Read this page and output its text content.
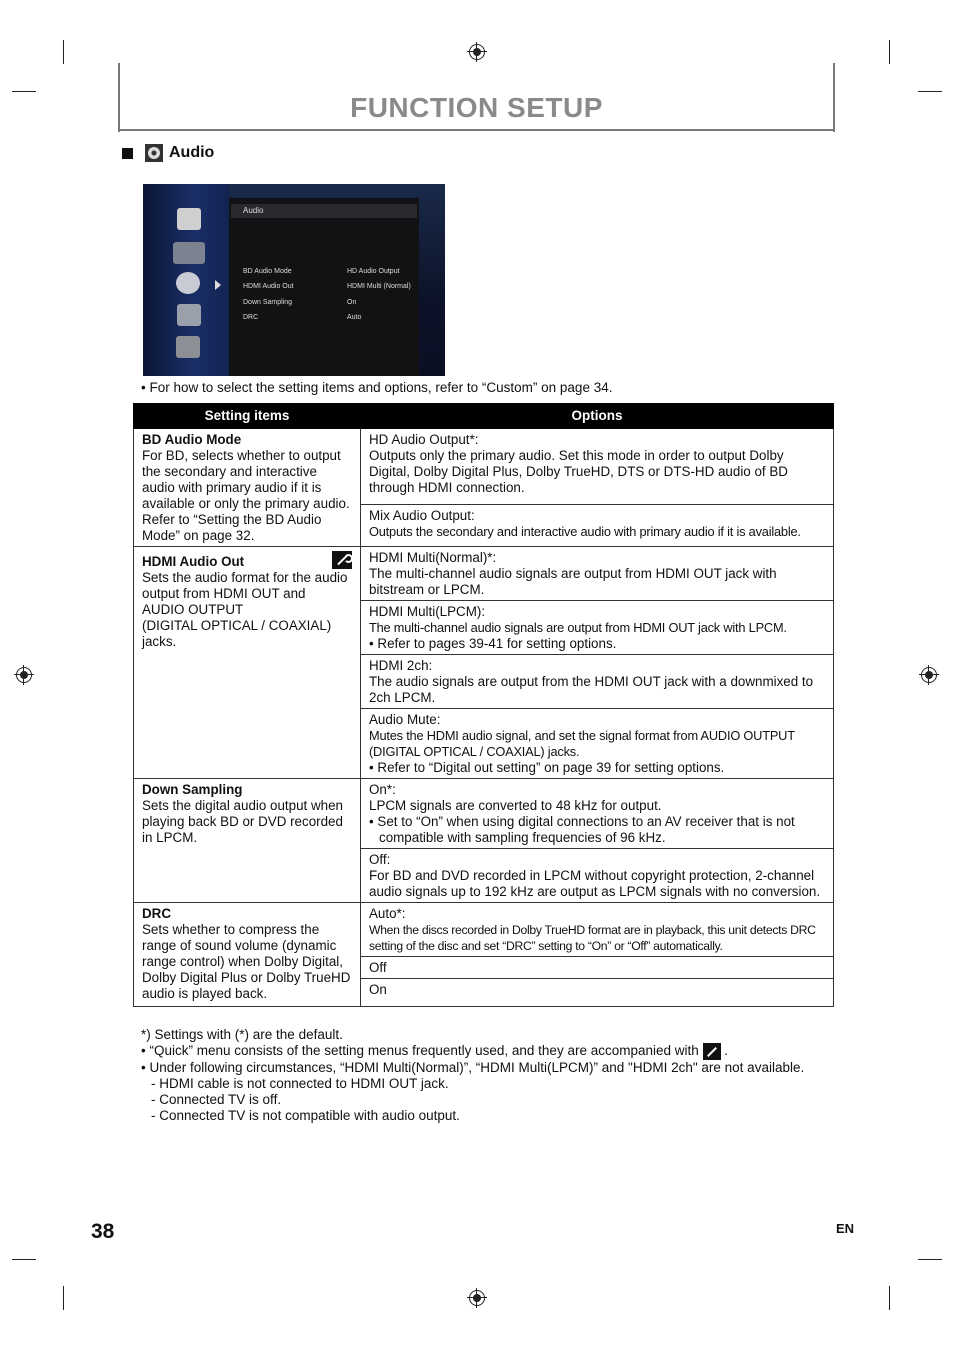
FUNCTION SETUP
Audio
Audio
BD Audio Mode	HD Audio Output
HDMI Audio Out	HDMI Multi (Normal)
Down Sampling	On
DRC	Auto
• For how to select the setting items and options, refer to “Custom” on page 34.
Setting items	Options

BD Audio Mode
For BD, selects whether to output the secondary and interactive audio with primary audio if it is available or only the primary audio. Refer to “Setting the BD Audio Mode” on page 32.	HD Audio Output*:
Outputs only the primary audio. Set this mode in order to output Dolby Digital, Dolby Digital Plus, Dolby TrueHD, DTS or DTS-HD audio of BD through HDMI connection.

	Mix Audio Output:
Outputs the secondary and interactive audio with primary audio if it is available.

HDMI Audio Out
Sets the audio format for the audio output from HDMI OUT and
AUDIO OUTPUT
(DIGITAL OPTICAL / COAXIAL)
jacks.	HDMI Multi(Normal)*:
The multi-channel audio signals are output from HDMI OUT jack with bitstream or LPCM.

	HDMI Multi(LPCM):
The multi-channel audio signals are output from HDMI OUT jack with LPCM.
• Refer to pages 39-41 for setting options.

	HDMI 2ch:
The audio signals are output from the HDMI OUT jack with a downmixed to 2ch LPCM.

	Audio Mute:
Mutes the HDMI audio signal, and set the signal format from AUDIO OUTPUT (DIGITAL OPTICAL / COAXIAL) jacks.
• Refer to “Digital out setting” on page 39 for setting options.

Down Sampling
Sets the digital audio output when playing back BD or DVD recorded in LPCM.	On*:
LPCM signals are converted to 48 kHz for output.
• Set to “On” when using digital connections to an AV receiver that is not compatible with sampling frequencies of 96 kHz.

	Off:
For BD and DVD recorded in LPCM without copyright protection, 2-channel audio signals up to 192 kHz are output as LPCM signals with no conversion.

DRC
Sets whether to compress the range of sound volume (dynamic range control) when Dolby Digital, Dolby Digital Plus or Dolby TrueHD audio is played back.	Auto*:
When the discs recorded in Dolby TrueHD format are in playback, this unit detects DRC setting of the disc and set “DRC” setting to “On” or “Off” automatically.

	Off

	On
*) Settings with (*) are the default.
• “Quick” menu consists of the setting menus frequently used, and they are accompanied with .
• Under following circumstances, “HDMI Multi(Normal)”, “HDMI Multi(LPCM)” and "HDMI 2ch" are not available.
- HDMI cable is not connected to HDMI OUT jack.
- Connected TV is off.
- Connected TV is not compatible with audio output.
38	EN
